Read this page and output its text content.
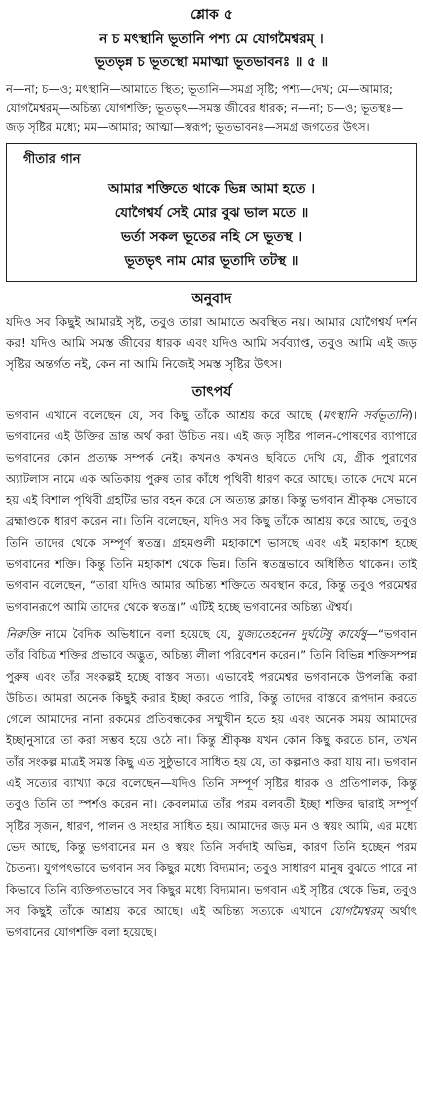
শ্লোক ৫
ন চ মৎস্থানি ভূতানি পশ্য মে যোগমৈশ্বরম্ ।
ভূতভৃন্ন চ ভূতস্থো মমাত্মা ভূতভাবনঃ ॥ ৫ ॥
ন—না; চ—ও; মৎস্থানি—আমাতে স্থিত; ভূতানি—সমগ্র সৃষ্টি; পশ্য—দেখ; মে—আমার; যোগমৈশ্বরম্—অচিন্ত্য যোগশক্তি; ভূতভৃৎ—সমস্ত জীবের ধারক; ন—না; চ—ও; ভূতস্থঃ—জড় সৃষ্টির মধ্যে; মম—আমার; আত্মা—স্বরূপ; ভূতভাবনঃ—সমগ্র জগতের উৎস।
গীতার গান
আমার শক্তিতে থাকে ভিন্ন আমা হতে ।
যোগৈশ্বর্য সেই মোর বুঝ ভাল মতে ॥
ভর্তা সকল ভূতের নহি সে ভূতস্থ ।
ভূতভৃৎ নাম মোর ভূতাদি তটস্থ ॥
অনুবাদ
যদিও সব কিছুই আমারই সৃষ্ট, তবুও তারা আমাতে অবস্থিত নয়। আমার যোগৈশ্বর্য দর্শন কর! যদিও আমি সমস্ত জীবের ধারক এবং যদিও আমি সর্বব্যাপ্ত, তবুও আমি এই জড় সৃষ্টির অন্তর্গত নই, কেন না আমি নিজেই সমস্ত সৃষ্টির উৎস।
তাৎপর্য
ভগবান এখানে বলেছেন যে, সব কিছু তাঁকে আশ্রয় করে আছে (মৎস্থানি সর্বভূতানি)। ভগবানের এই উক্তির ভ্রান্ত অর্থ করা উচিত নয়। এই জড় সৃষ্টির পালন-পোষণের ব্যাপারে ভগবানের কোন প্রত্যক্ষ সম্পর্ক নেই। কখনও কখনও ছবিতে দেখি যে, গ্রীক পুরাণের অ্যাটলাস নামে এক অতিকায় পুরুষ তার কাঁধে পৃথিবী ধারণ করে আছে। তাকে দেখে মনে হয় এই বিশাল পৃথিবী গ্রহটির ভার বহন করে সে অত্যন্ত ক্লান্ত। কিন্তু ভগবান শ্রীকৃষ্ণ সেভাবে ব্রহ্মাণ্ডকে ধারণ করেন না। তিনি বলেছেন, যদিও সব কিছু তাঁকে আশ্রয় করে আছে, তবুও তিনি তাদের থেকে সম্পূর্ণ স্বতন্ত্র। গ্রহমণ্ডলী মহাকাশে ভাসছে এবং এই মহাকাশ হচ্ছে ভগবানের শক্তি। কিন্তু তিনি মহাকাশ থেকে ভিন্ন। তিনি স্বতন্ত্রভাবে অধিষ্ঠিত থাকেন। তাই ভগবান বলেছেন, “তারা যদিও আমার অচিন্ত্য শক্তিতে অবস্থান করে, কিন্তু তবুও পরমেশ্বর ভগবানরূপে আমি তাদের থেকে স্বতন্ত্র।” এটিই হচ্ছে ভগবানের অচিন্ত্য ঐশ্বর্য।
নিরুক্তি নামে বৈদিক অভিধানে বলা হয়েছে যে, যুজ্যতেহনেন দুর্ঘটেষু কার্যেষু—“ভগবান তাঁর বিচিত্র শক্তির প্রভাবে অদ্ভুত, অচিন্ত্য লীলা পরিবেশন করেন।” তিনি বিভিন্ন শক্তিসম্পন্ন পুরুষ এবং তাঁর সংকল্পই হচ্ছে বাস্তব সত্য। এভাবেই পরমেশ্বর ভগবানকে উপলব্ধি করা উচিত। আমরা অনেক কিছুই করার ইচ্ছা করতে পারি, কিন্তু তাদের বাস্তবে রূপদান করতে গেলে আমাদের নানা রকমের প্রতিবন্ধকের সম্মুখীন হতে হয় এবং অনেক সময় আমাদের ইচ্ছানুসারে তা করা সম্ভব হয়ে ওঠে না। কিন্তু শ্রীকৃষ্ণ যখন কোন কিছু করতে চান, তখন তাঁর সংকল্প মাত্রই সমস্ত কিছু এত সুষ্ঠুভাবে সাধিত হয় যে, তা কল্পনাও করা যায় না। ভগবান এই সত্যের ব্যাখ্যা করে বলেছেন—যদিও তিনি সম্পূর্ণ সৃষ্টির ধারক ও প্রতিপালক, কিন্তু তবুও তিনি তা স্পর্শও করেন না। কেবলমাত্র তাঁর পরম বলবতী ইচ্ছা শক্তির দ্বারাই সম্পূর্ণ সৃষ্টির সৃজন, ধারণ, পালন ও সংহার সাধিত হয়। আমাদের জড় মন ও স্বয়ং আমি, এর মধ্যে ভেদ আছে, কিন্তু ভগবানের মন ও স্বয়ং তিনি সর্বদাই অভিন্ন, কারণ তিনি হচ্ছেন পরম চৈতন্য। যুগপৎভাবে ভগবান সব কিছুর মধ্যে বিদ্যমান; তবুও সাধারণ মানুষ বুঝতে পারে না কিভাবে তিনি ব্যক্তিগতভাবে সব কিছুর মধ্যে বিদ্যমান। ভগবান এই সৃষ্টির থেকে ভিন্ন, তবুও সব কিছুই তাঁকে আশ্রয় করে আছে। এই অচিন্ত্য সত্যকে এখানে যোগমৈশ্বরম্ অর্থাৎ ভগবানের যোগশক্তি বলা হয়েছে।
